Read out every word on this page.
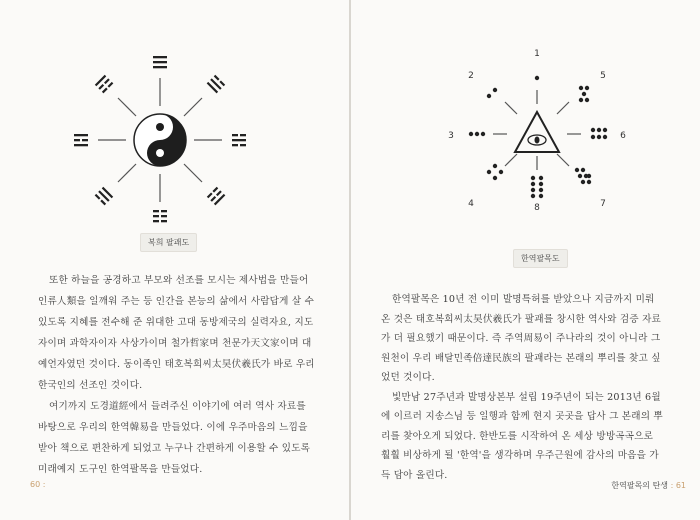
복희 팔괘도

또한 하늘을 공경하고 부모와 선조를 모시는 제사법을 만들어 인류人類을 일깨워 주는 등 인간을 본능의 삶에서 사람답게 살 수 있도록 지혜를 전수해 준 위대한 고대 동방제국의 실력자요, 지도자이며 과학자이자 사상가이며 철가哲家며 천문가天文家이며 대예언자였던 것이다. 동이족인 태호복희씨太昊伏羲氏가 바로 우리 한국인의 선조인 것이다.

여기까지 도경道經에서 들려주신 이야기에 여러 역사 자료를 바탕으로 우리의 한역韓易을 만들었다. 이에 우주마음의 느낌을 받아 책으로 편찬하게 되었고 누구나 간편하게 이용할 수 있도록 미래예지 도구인 한역팔목을 만들었다.

60 :
1
2
3
4
5
6
7
8
한역팔목도

한역팔목은 10년 전 이미 발명특허를 받았으나 지금까지 미뤄온 것은 태호복희씨太昊伏羲氏가 팔괘를 창시한 역사와 검증 자료가 더 필요했기 때문이다. 즉 주역周易이 주나라의 것이 아니라 그 원천이 우리 배달민족倍達民族의 팔괘라는 본래의 뿌리를 찾고 싶었던 것이다.

빛만남 27주년과 발명상본부 설립 19주년이 되는 2013년 6월에 이르러 지송스님 등 일행과 함께 현지 곳곳을 답사 그 본래의 뿌리를 찾아오게 되었다. 한반도를 시작하여 온 세상 방방곡곡으로 훨훨 비상하게 될 '한역'을 생각하며 우주근원에 감사의 마음을 가득 담아 올린다.

한역팔목의 탄생 : 61
